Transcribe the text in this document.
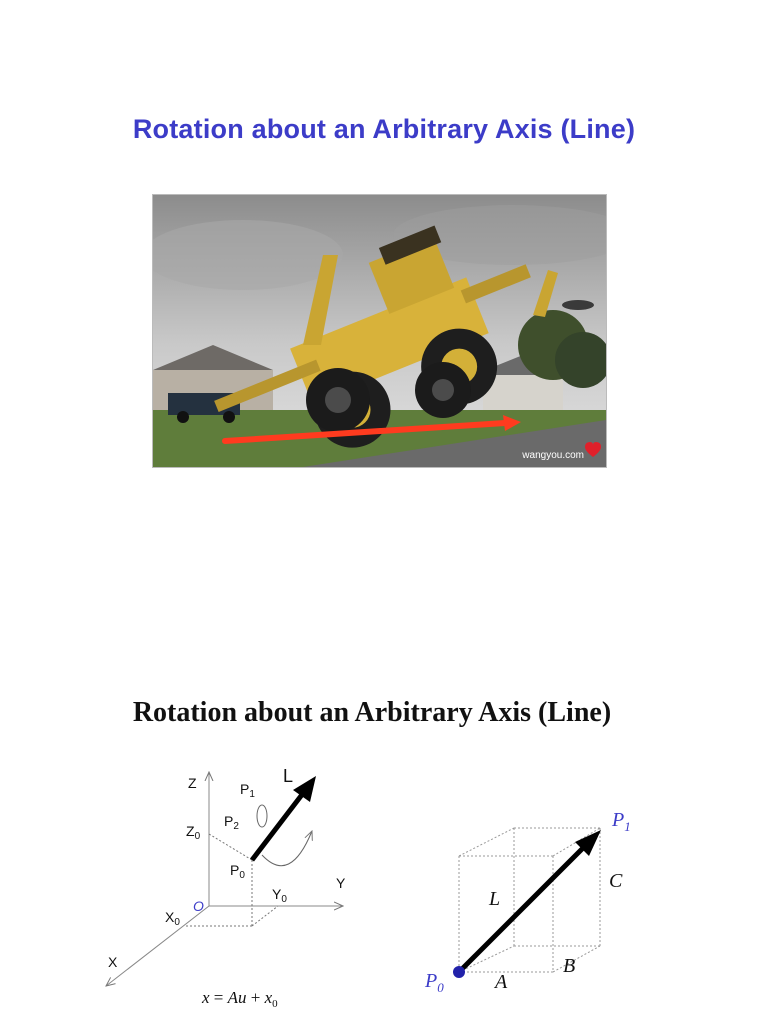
Rotation about an Arbitrary Axis (Line)
wangyou.com
Rotation about an Arbitrary Axis (Line)
Z
Y
X
O
L
$P_1$
$P_2$
$Z_0$
$P_0$
$Y_0$
$X_0$
$x = Au + x_0$
$P_1$
$P_0$
L
C
B
A
